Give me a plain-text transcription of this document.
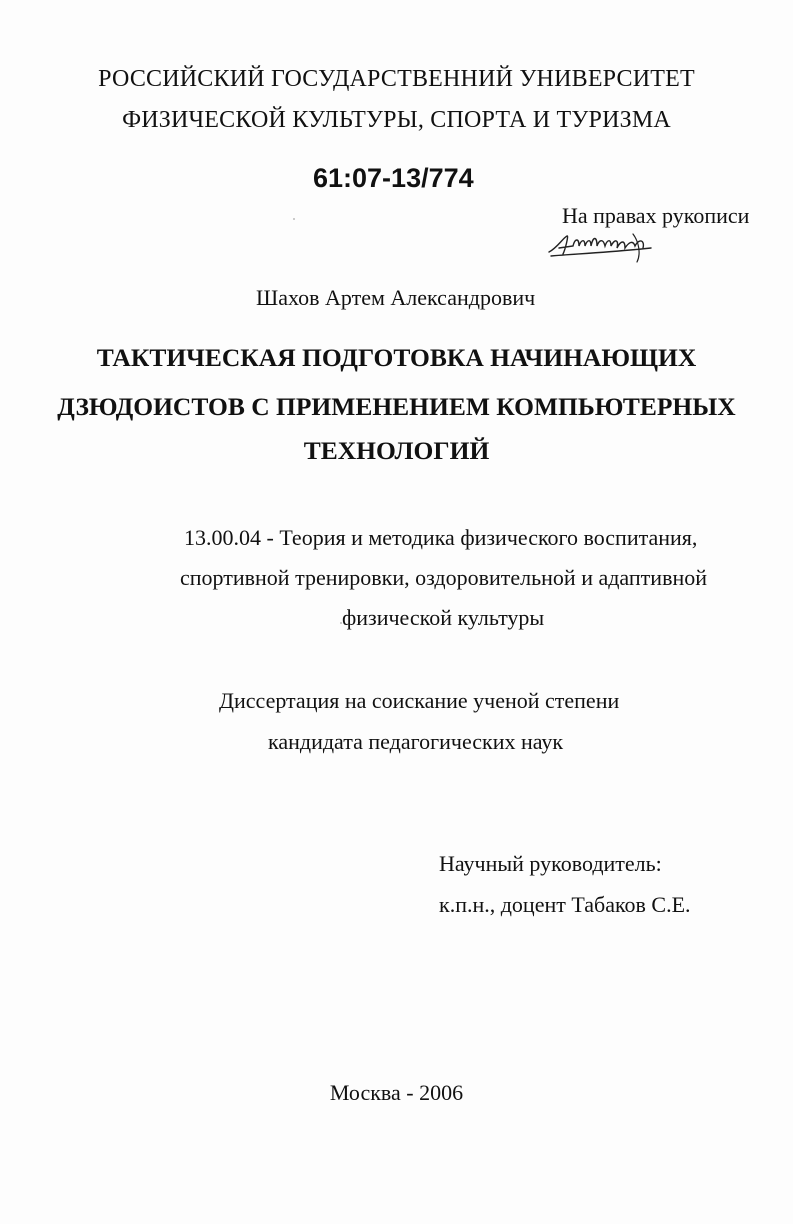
РОССИЙСКИЙ ГОСУДАРСТВЕННИЙ УНИВЕРСИТЕТ
ФИЗИЧЕСКОЙ КУЛЬТУРЫ, СПОРТА И ТУРИЗМА
61:07-13/774
На правах рукописи
Шахов Артем Александрович
ТАКТИЧЕСКАЯ ПОДГОТОВКА НАЧИНАЮЩИХ
ДЗЮДОИСТОВ С ПРИМЕНЕНИЕМ КОМПЬЮТЕРНЫХ
ТЕХНОЛОГИЙ
13.00.04 - Теория и методика физического воспитания,
спортивной тренировки, оздоровительной и адаптивной
физической культуры
Диссертация на соискание ученой степени
кандидата педагогических наук
Научный руководитель:
к.п.н., доцент Табаков С.Е.
Москва - 2006
